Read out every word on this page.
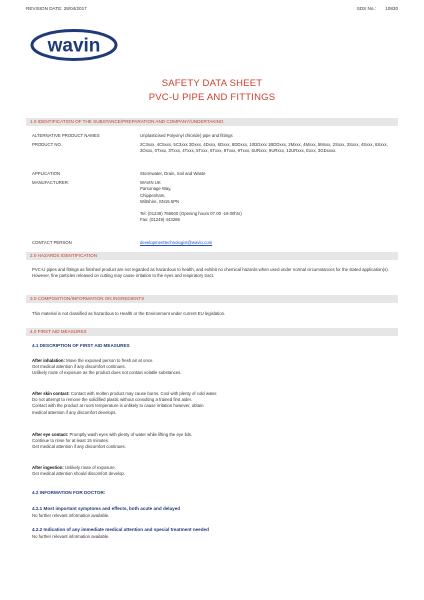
REVISION DATE: 28/04/2017	SDS No.: 10830
wavin
SAFETY DATA SHEET
PVC-U PIPE AND FITTINGS
1.0 IDENTIFICATION OF THE SUBSTANCE/PREPARATION AND COMPANY/UNDERTAKING
ALTERNATIVE PRODUCT NAMES	Unplasticised Polyvinyl chloride) pipe and fittings
PRODUCT NO.	2C3xxx, 4C5xxx, 5C3xxx 3Dxxx, 4Dxxx, 6Dxxx, 8DDxxx, 10DDxxx 1BDDxxx, 2Mxxx, 4Mxxx, 5Mxxx, 2Sxxx, 3Sxxx, 4Sxxx, 6Sxxx, 3Oxxx, 0Txxx, 3Txxx, 4Txxx, 5Txxx, 6Txxx, 8Txxx, 9Txxx, 6URxxx, 9URxxx, 12URxxx, Exxx, 3GDxxxx.
APPLICATION	Stormwater, Drain, Soil and Waste
MANUFACTURER:	WAVIN UK
Parsonage Way,
Chippenham,
Wiltshire, SN15 5PN
Tel: (01249) 766600 (Opening hours 07.00 -19.00hrs)
Fax: (01249) 443286
CONTACT PERSON	developmenttechnologist@wavin.com
2.0 HAZARDS IDENTIFICATION
PVC-U pipes and fittings as finished product are not regarded as hazardous to health, and exhibit no chemical hazards when used under normal circumstances for the stated application(s). However, fine particles released on cutting may cause irritation to the eyes and respiratory tract.
3.0 COMPOSITION/INFORMATION ON INGREDIENTS
This material is not classified as hazardous to Health or the Environment under current EU legislation.
4.0 FIRST AID MEASURES
4.1 DESCRIPTION OF FIRST AID MEASURES
After inhalation: Move the exposed person to fresh air at once.
Get medical attention if any discomfort continues.
Unlikely route of exposure as the product does not contain volatile substances.
After skin contact: Contact with molten product may cause burns. Cool with plenty of cold water.
Do not attempt to remove the solidified plastic without consulting a trained first aider.
Contact with the product at room temperature is unlikely to cause irritation however, obtain
medical attention if any discomfort develops.
After eye contact: Promptly wash eyes with plenty of water while lifting the eye lids.
Continue to rinse for at least 15 minutes.
Get medical attention if any discomfort continues.
After ingestion: Unlikely route of exposure.
Get medical attention should discomfort develop.
4.2 INFORMATION FOR DOCTOR:
4.2.1 Most important symptoms and effects, both acute and delayed
No further relevant information available.
4.2.2 Indication of any immediate medical attention and special treatment needed
No further relevant information available.
